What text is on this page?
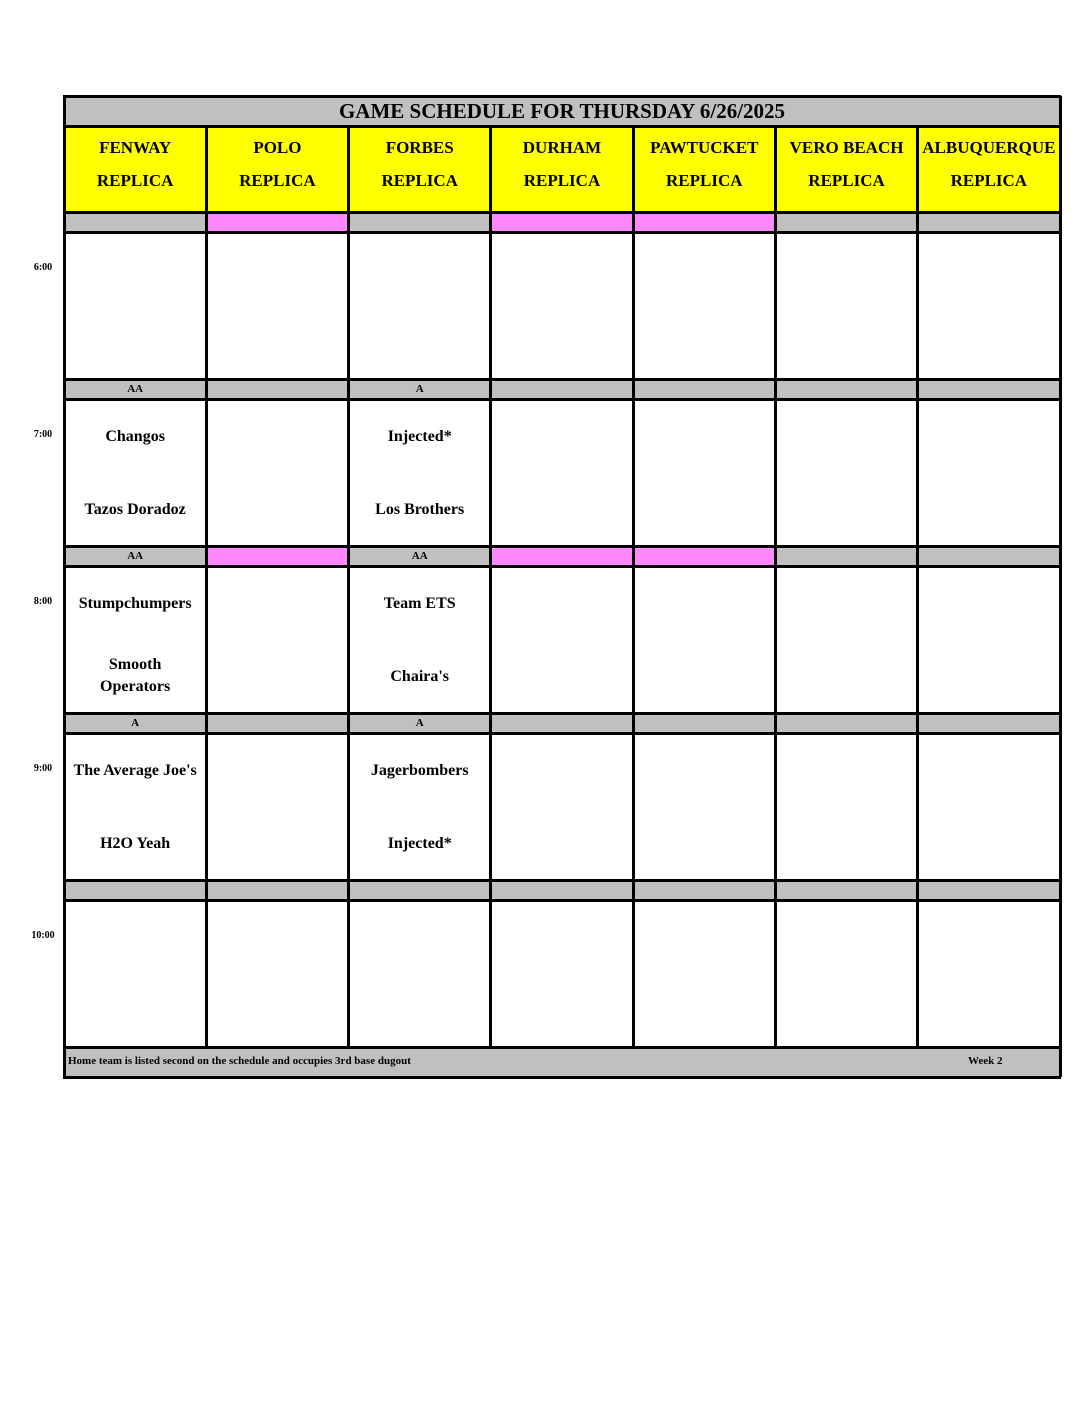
GAME SCHEDULE FOR THURSDAY 6/26/2025
FENWAY
REPLICA
POLO
REPLICA
FORBES
REPLICA
DURHAM
REPLICA
PAWTUCKET
REPLICA
VERO BEACH
REPLICA
ALBUQUERQUE
REPLICA
6:00
AA
Changos
Tazos Doradoz
A
Injected*
Los Brothers
7:00
AA
Stumpchumpers
Smooth Operators
AA
Team ETS
Chaira's
8:00
A
The Average Joe's
H2O Yeah
A
Jagerbombers
Injected*
9:00
10:00
Home team is listed second on the schedule and occupies 3rd base dugout	Week 2
